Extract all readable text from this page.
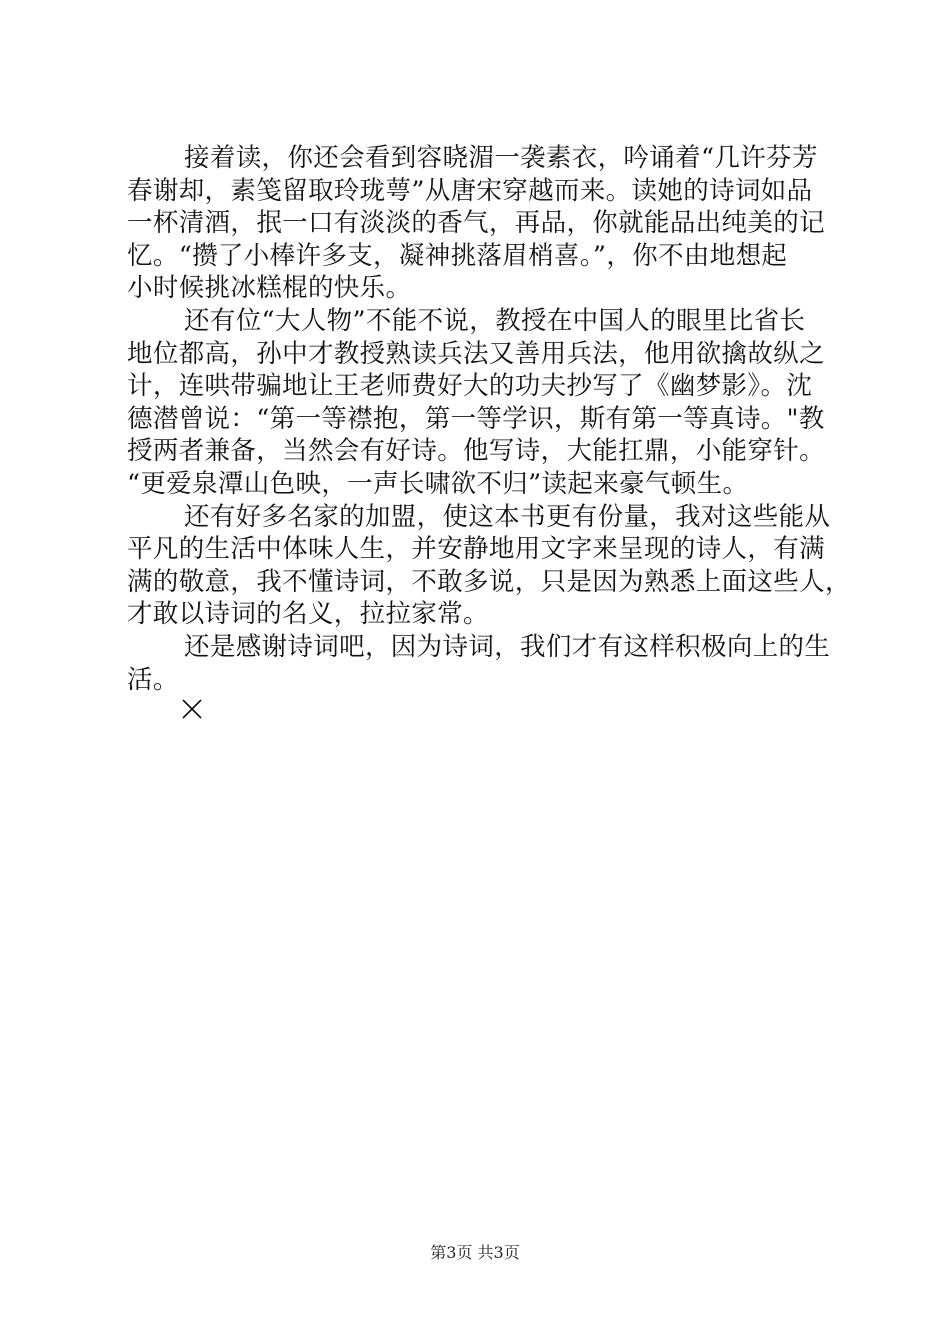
接着读，你还会看到容晓湄一袭素衣，吟诵着“几许芬芳
春谢却，素笺留取玲珑萼”从唐宋穿越而来。读她的诗词如品
一杯清酒，抿一口有淡淡的香气，再品，你就能品出纯美的记
忆。“攒了小棒许多支，凝神挑落眉梢喜。”，你不由地想起
小时候挑冰糕棍的快乐。
还有位“大人物”不能不说，教授在中国人的眼里比省长
地位都高，孙中才教授熟读兵法又善用兵法，他用欲擒故纵之
计，连哄带骗地让王老师费好大的功夫抄写了《幽梦影》。沈
德潜曾说：“第一等襟抱，第一等学识，斯有第一等真诗。"教
授两者兼备，当然会有好诗。他写诗，大能扛鼎，小能穿针。
“更爱泉潭山色映，一声长啸欲不归”读起来豪气顿生。
还有好多名家的加盟，使这本书更有份量，我对这些能从
平凡的生活中体味人生，并安静地用文字来呈现的诗人，有满
满的敬意，我不懂诗词，不敢多说，只是因为熟悉上面这些人，
才敢以诗词的名义，拉拉家常。
还是感谢诗词吧，因为诗词，我们才有这样积极向上的生
活。
第3页 共3页
